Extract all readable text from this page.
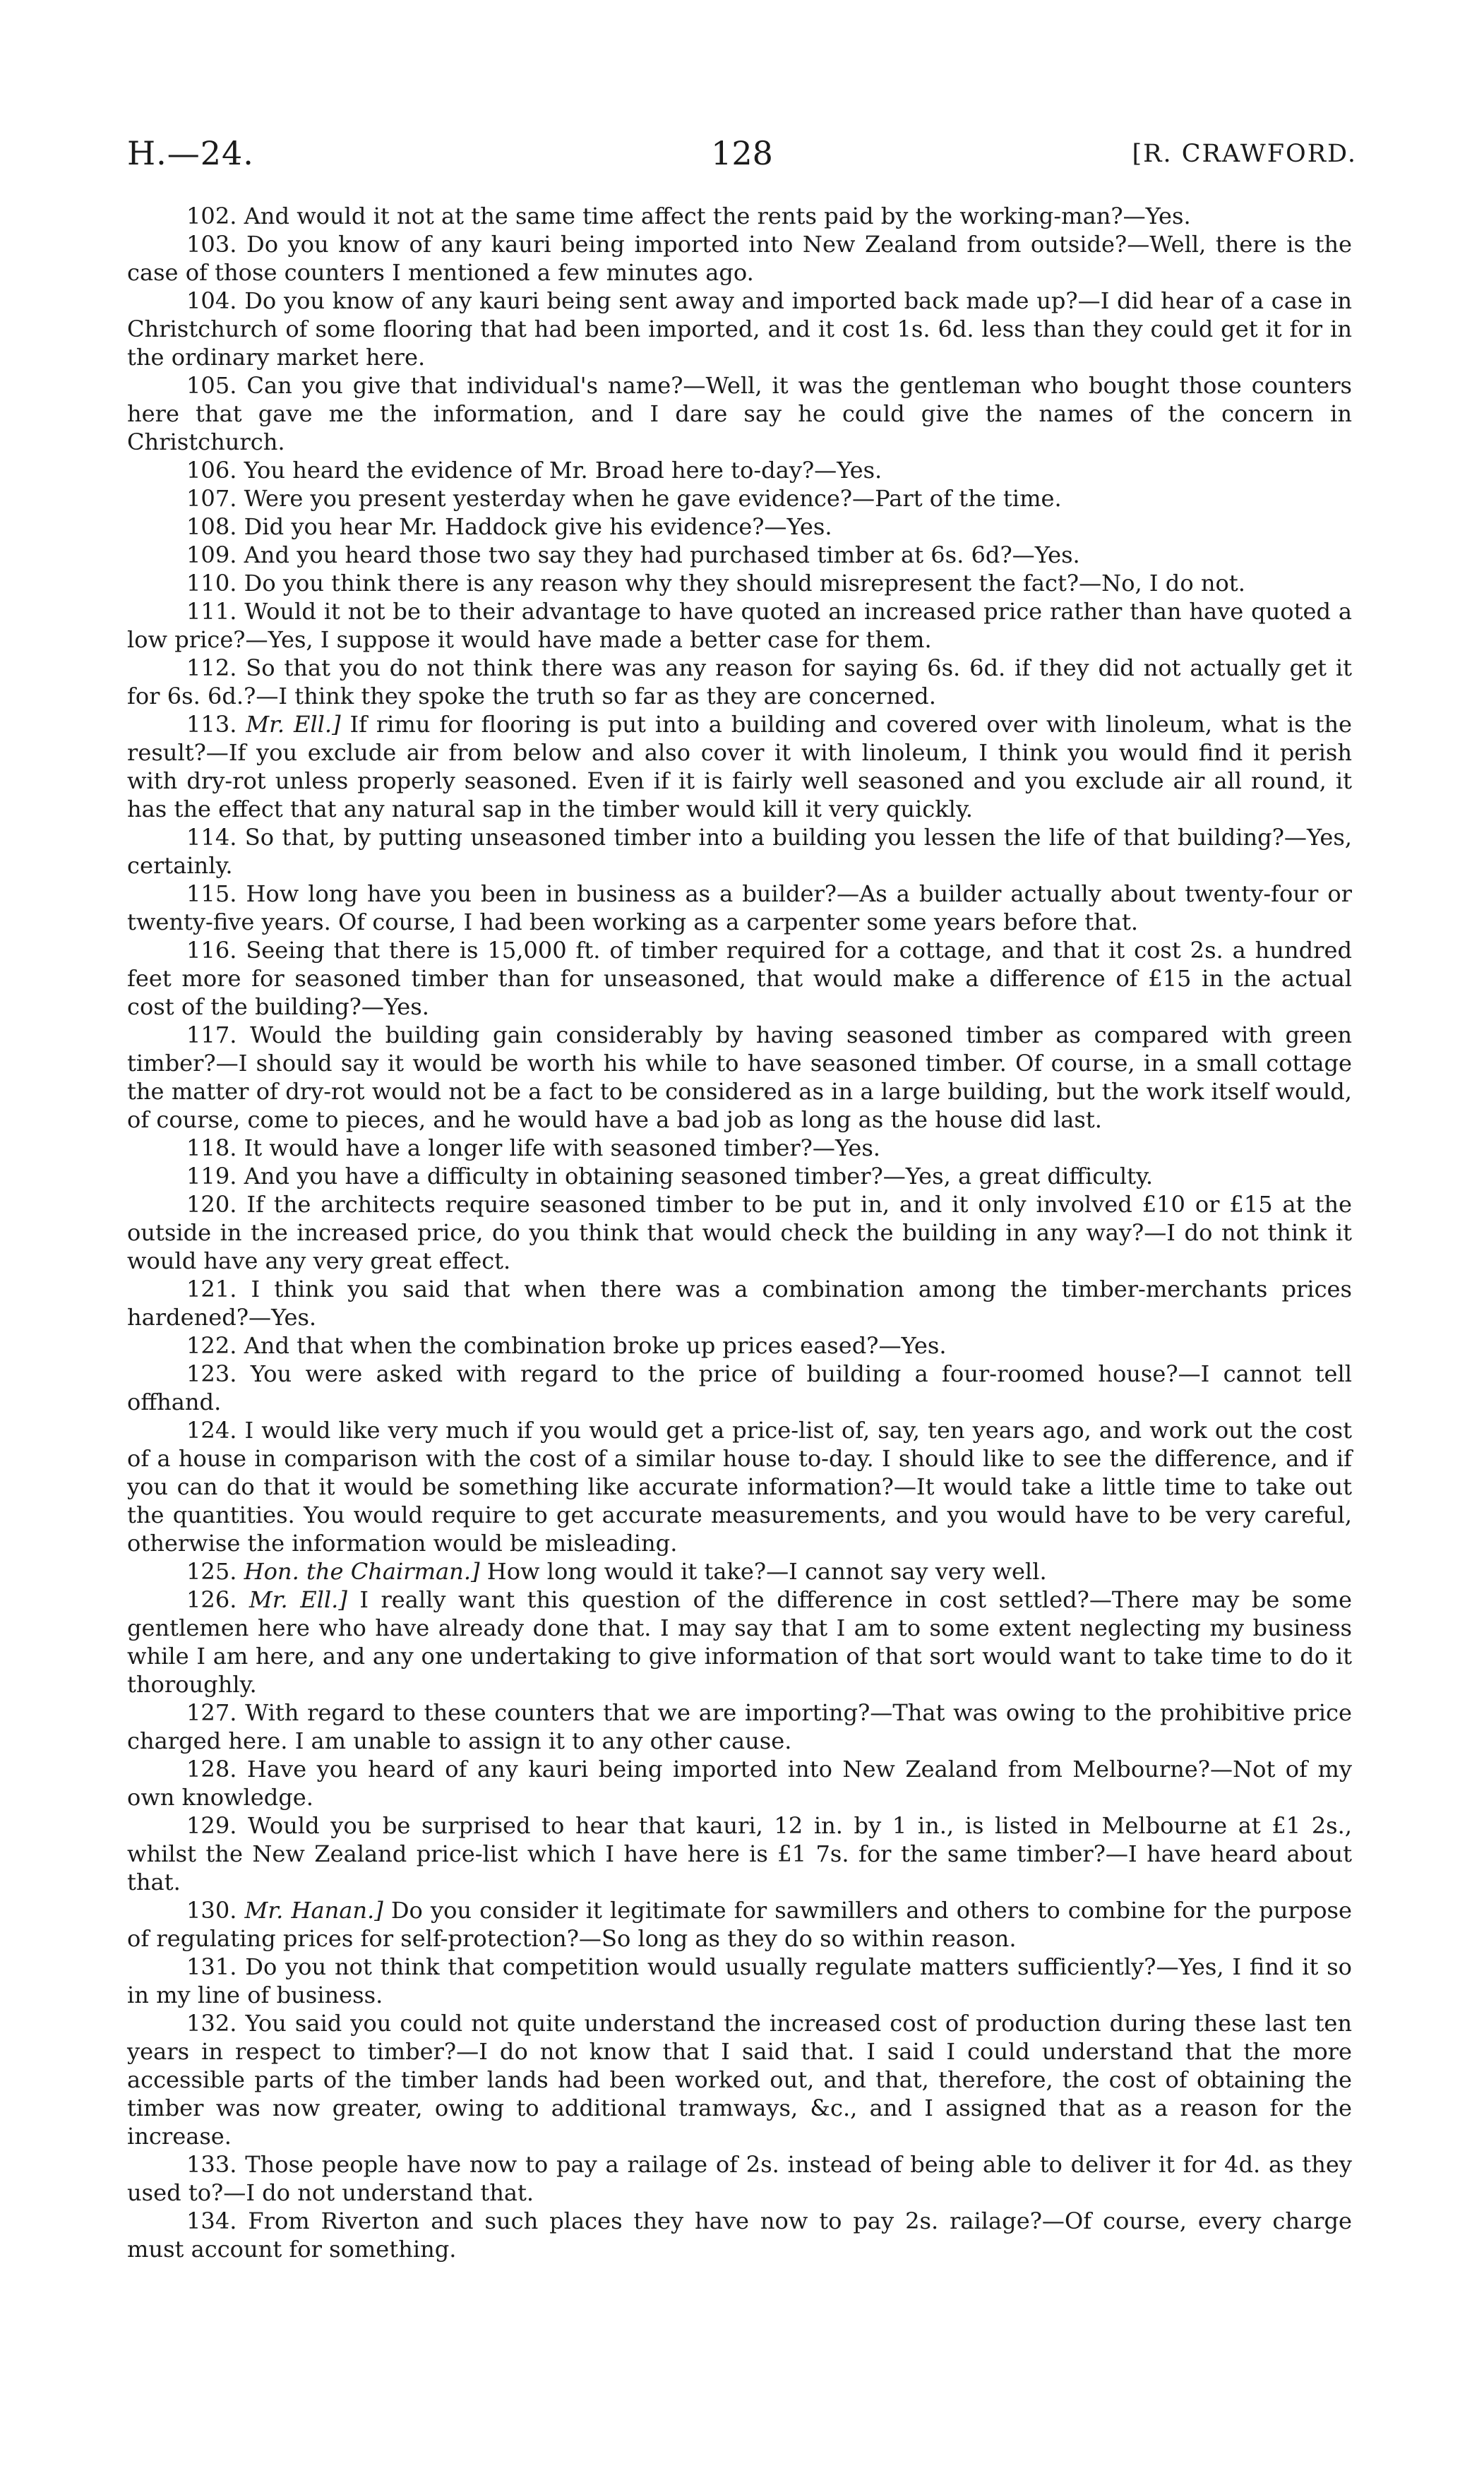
H.—24.	128	[R. CRAWFORD.

102. And would it not at the same time affect the rents paid by the working-man?—Yes.

103. Do you know of any kauri being imported into New Zealand from outside?—Well, there is the case of those counters I mentioned a few minutes ago.

104. Do you know of any kauri being sent away and imported back made up?—I did hear of a case in Christchurch of some flooring that had been imported, and it cost 1s. 6d. less than they could get it for in the ordinary market here.

105. Can you give that individual's name?—Well, it was the gentleman who bought those counters here that gave me the information, and I dare say he could give the names of the concern in Christchurch.

106. You heard the evidence of Mr. Broad here to-day?—Yes.

107. Were you present yesterday when he gave evidence?—Part of the time.

108. Did you hear Mr. Haddock give his evidence?—Yes.

109. And you heard those two say they had purchased timber at 6s. 6d?—Yes.

110. Do you think there is any reason why they should misrepresent the fact?—No, I do not.

111. Would it not be to their advantage to have quoted an increased price rather than have quoted a low price?—Yes, I suppose it would have made a better case for them.

112. So that you do not think there was any reason for saying 6s. 6d. if they did not actually get it for 6s. 6d.?—I think they spoke the truth so far as they are concerned.

113. Mr. Ell.] If rimu for flooring is put into a building and covered over with linoleum, what is the result?—If you exclude air from below and also cover it with linoleum, I think you would find it perish with dry-rot unless properly seasoned. Even if it is fairly well seasoned and you exclude air all round, it has the effect that any natural sap in the timber would kill it very quickly.

114. So that, by putting unseasoned timber into a building you lessen the life of that building?—Yes, certainly.

115. How long have you been in business as a builder?—As a builder actually about twenty-four or twenty-five years. Of course, I had been working as a carpenter some years before that.

116. Seeing that there is 15,000 ft. of timber required for a cottage, and that it cost 2s. a hundred feet more for seasoned timber than for unseasoned, that would make a difference of £15 in the actual cost of the building?—Yes.

117. Would the building gain considerably by having seasoned timber as compared with green timber?—I should say it would be worth his while to have seasoned timber. Of course, in a small cottage the matter of dry-rot would not be a fact to be considered as in a large building, but the work itself would, of course, come to pieces, and he would have a bad job as long as the house did last.

118. It would have a longer life with seasoned timber?—Yes.

119. And you have a difficulty in obtaining seasoned timber?—Yes, a great difficulty.

120. If the architects require seasoned timber to be put in, and it only involved £10 or £15 at the outside in the increased price, do you think that would check the building in any way?—I do not think it would have any very great effect.

121. I think you said that when there was a combination among the timber-merchants prices hardened?—Yes.

122. And that when the combination broke up prices eased?—Yes.

123. You were asked with regard to the price of building a four-roomed house?—I cannot tell offhand.

124. I would like very much if you would get a price-list of, say, ten years ago, and work out the cost of a house in comparison with the cost of a similar house to-day. I should like to see the difference, and if you can do that it would be something like accurate information?—It would take a little time to take out the quantities. You would require to get accurate measurements, and you would have to be very careful, otherwise the information would be misleading.

125. Hon. the Chairman.] How long would it take?—I cannot say very well.

126. Mr. Ell.] I really want this question of the difference in cost settled?—There may be some gentlemen here who have already done that. I may say that I am to some extent neglecting my business while I am here, and any one undertaking to give information of that sort would want to take time to do it thoroughly.

127. With regard to these counters that we are importing?—That was owing to the prohibitive price charged here. I am unable to assign it to any other cause.

128. Have you heard of any kauri being imported into New Zealand from Melbourne?—Not of my own knowledge.

129. Would you be surprised to hear that kauri, 12 in. by 1 in., is listed in Melbourne at £1 2s., whilst the New Zealand price-list which I have here is £1 7s. for the same timber?—I have heard about that.

130. Mr. Hanan.] Do you consider it legitimate for sawmillers and others to combine for the purpose of regulating prices for self-protection?—So long as they do so within reason.

131. Do you not think that competition would usually regulate matters sufficiently?—Yes, I find it so in my line of business.

132. You said you could not quite understand the increased cost of production during these last ten years in respect to timber?—I do not know that I said that. I said I could understand that the more accessible parts of the timber lands had been worked out, and that, therefore, the cost of obtaining the timber was now greater, owing to additional tramways, &c., and I assigned that as a reason for the increase.

133. Those people have now to pay a railage of 2s. instead of being able to deliver it for 4d. as they used to?—I do not understand that.

134. From Riverton and such places they have now to pay 2s. railage?—Of course, every charge must account for something.
